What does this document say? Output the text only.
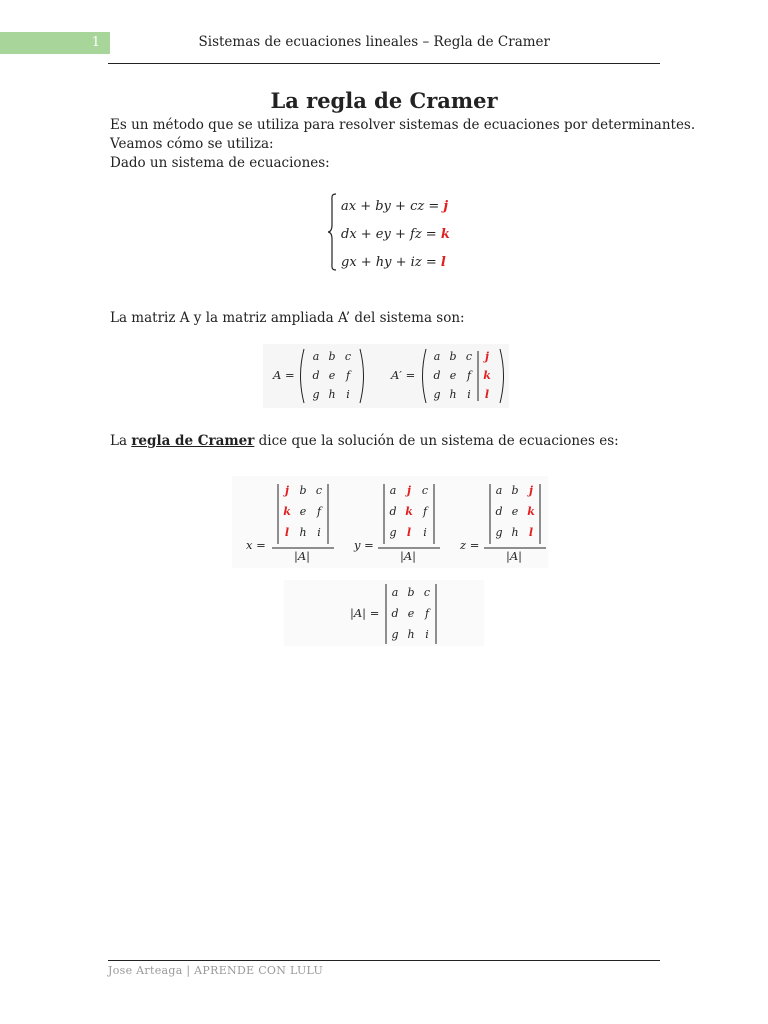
1	Sistemas de ecuaciones lineales – Regla de Cramer
La regla de Cramer
Es un método que se utiliza para resolver sistemas de ecuaciones por determinantes.
Veamos cómo se utiliza:
Dado un sistema de ecuaciones:
ax + by + cz = j
dx + ey + fz = k
gx + hy + iz = l
La matriz A y la matriz ampliada A’ del sistema son:
A =
a b c
d e f
g h i
A′ =
a b c	j
d e f	k
g h i	l
La regla de Cramer dice que la solución de un sistema de ecuaciones es:
x =
j b c
k e f
l h i
|A|
y =
a j c
d k f
g l	i
|A|
z =
a b j
d e k
g h l
|A|
|A| =
a b c
d e f
g h i
Jose Arteaga | APRENDE CON LULU
